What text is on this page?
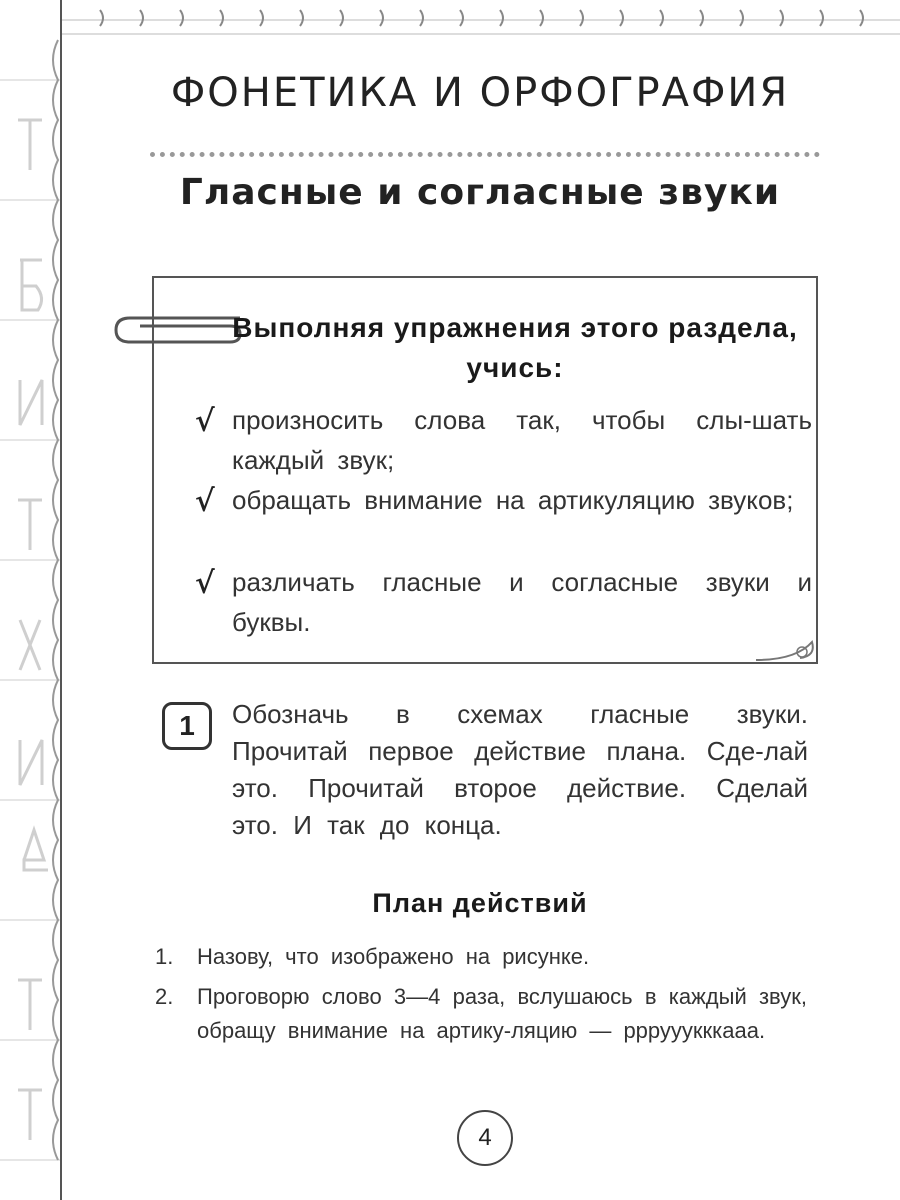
ФОНЕТИКА И ОРФОГРАФИЯ
Гласные и согласные звуки
Выполняя упражнения этого раздела, учись:
√ произносить слова так, чтобы слы-шать каждый звук;
√ обращать внимание на артикуляцию звуков;
√ различать гласные и согласные звуки и буквы.
1	Обозначь в схемах гласные звуки. Прочитай первое действие плана. Сде-лай это. Прочитай второе действие. Сделай это. И так до конца.

План действий
1.	Назову, что изображено на рисунке.
2.	Проговорю слово 3—4 раза, вслушаюсь в каждый звук, обращу внимание на артику-ляцию — рррууукккааа.
4
